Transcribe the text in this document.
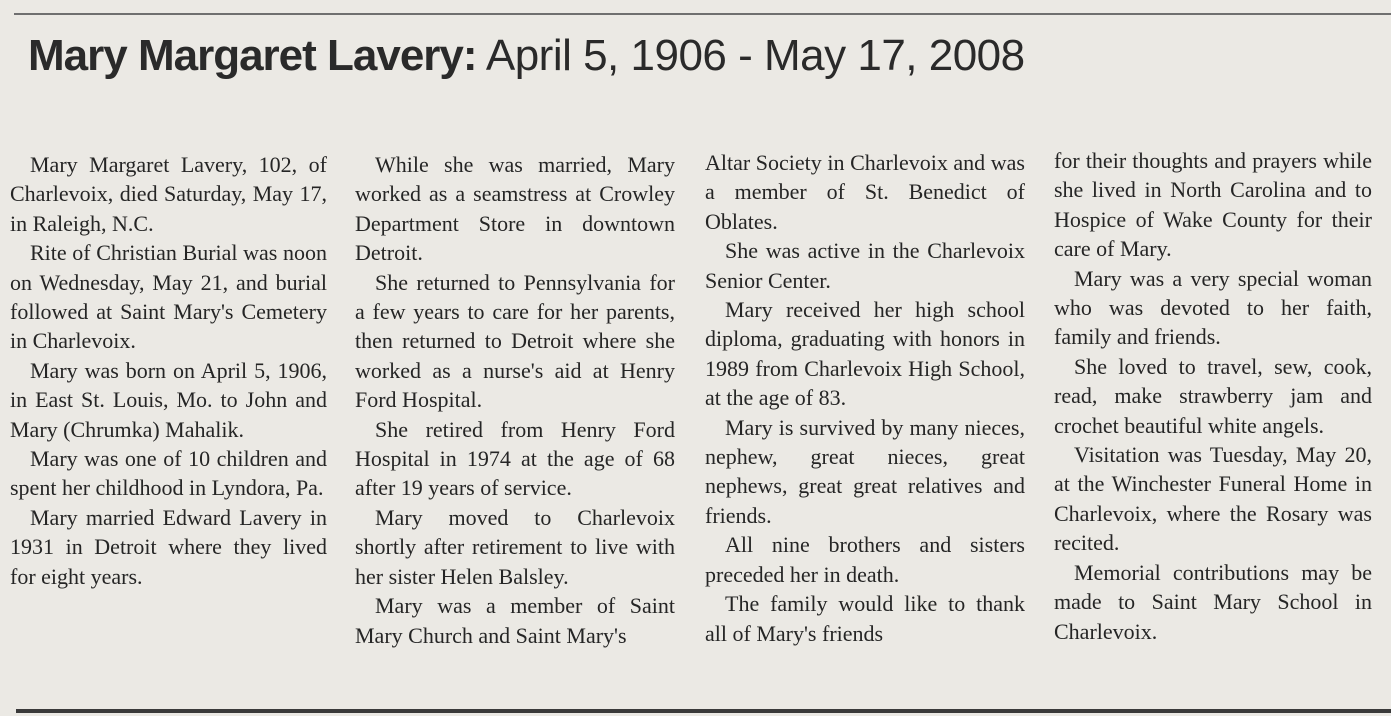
Mary Margaret Lavery: April 5, 1906 - May 17, 2008

Mary Margaret Lavery, 102, of Charlevoix, died Saturday, May 17, in Raleigh, N.C.

Rite of Christian Burial was noon on Wednesday, May 21, and burial followed at Saint Mary's Cemetery in Charlevoix.

Mary was born on April 5, 1906, in East St. Louis, Mo. to John and Mary (Chrumka) Mahalik.

Mary was one of 10 children and spent her childhood in Lyndora, Pa.

Mary married Edward Lavery in 1931 in Detroit where they lived for eight years.

While she was married, Mary worked as a seamstress at Crowley Department Store in downtown Detroit.

She returned to Pennsylvania for a few years to care for her parents, then returned to Detroit where she worked as a nurse's aid at Henry Ford Hospital.

She retired from Henry Ford Hospital in 1974 at the age of 68 after 19 years of service.

Mary moved to Charlevoix shortly after retirement to live with her sister Helen Balsley.

Mary was a member of Saint Mary Church and Saint Mary's

Altar Society in Charlevoix and was a member of St. Benedict of Oblates.

She was active in the Charlevoix Senior Center.

Mary received her high school diploma, graduating with honors in 1989 from Charlevoix High School, at the age of 83.

Mary is survived by many nieces, nephew, great nieces, great nephews, great great relatives and friends.

All nine brothers and sisters preceded her in death.

The family would like to thank all of Mary's friends

for their thoughts and prayers while she lived in North Carolina and to Hospice of Wake County for their care of Mary.

Mary was a very special woman who was devoted to her faith, family and friends.

She loved to travel, sew, cook, read, make strawberry jam and crochet beautiful white angels.

Visitation was Tuesday, May 20, at the Winchester Funeral Home in Charlevoix, where the Rosary was recited.

Memorial contributions may be made to Saint Mary School in Charlevoix.
